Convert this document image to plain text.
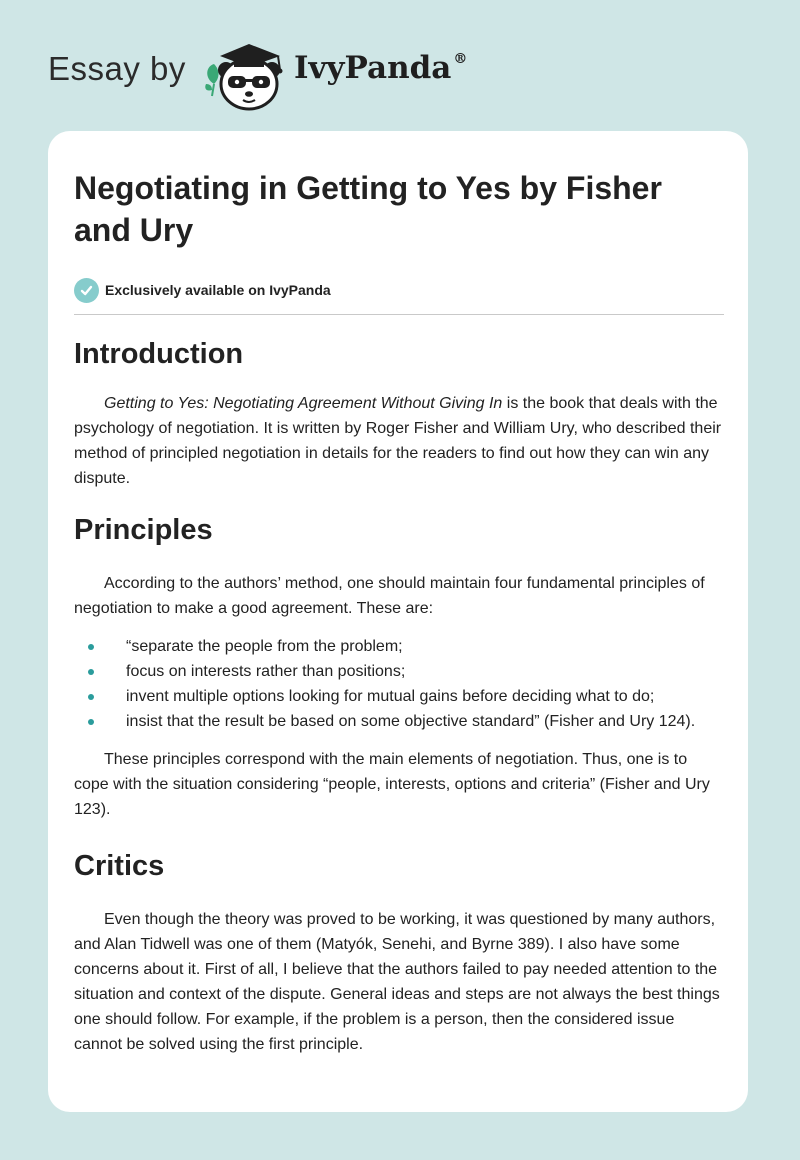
Essay by	IvyPanda ®
Negotiating in Getting to Yes by Fisher and Ury
Exclusively available on IvyPanda
Introduction

Getting to Yes: Negotiating Agreement Without Giving In is the book that deals with the psychology of negotiation. It is written by Roger Fisher and William Ury, who described their method of principled negotiation in details for the readers to find out how they can win any dispute.

Principles

According to the authors’ method, one should maintain four fundamental principles of negotiation to make a good agreement. These are:

“separate the people from the problem;
focus on interests rather than positions;
invent multiple options looking for mutual gains before deciding what to do;
insist that the result be based on some objective standard” (Fisher and Ury 124).

These principles correspond with the main elements of negotiation. Thus, one is to cope with the situation considering “people, interests, options and criteria” (Fisher and Ury 123).

Critics

Even though the theory was proved to be working, it was questioned by many authors, and Alan Tidwell was one of them (Matyók, Senehi, and Byrne 389). I also have some concerns about it. First of all, I believe that the authors failed to pay needed attention to the situation and context of the dispute. General ideas and steps are not always the best things one should follow. For example, if the problem is a person, then the considered issue cannot be solved using the first principle.
